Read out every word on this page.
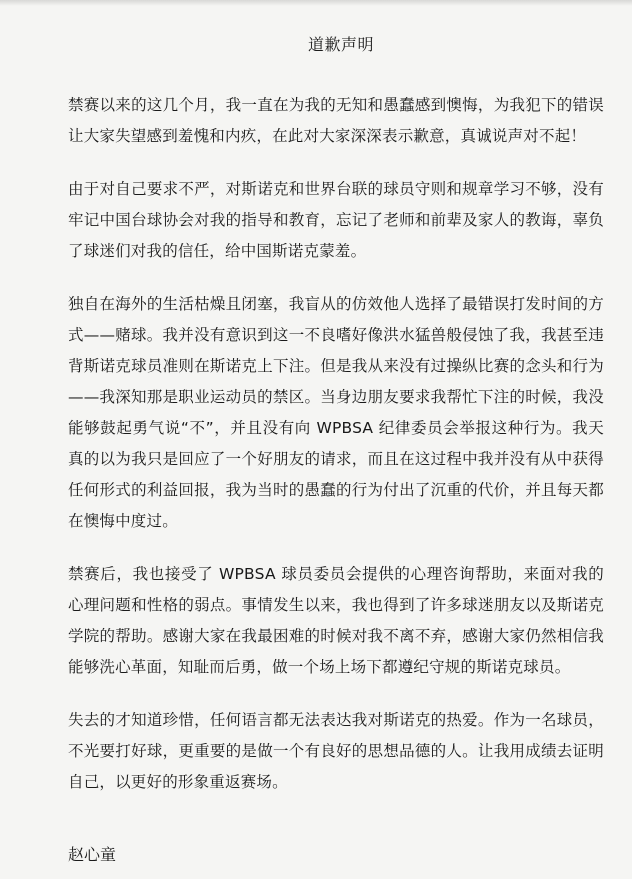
道歉声明

禁赛以来的这几个月，我一直在为我的无知和愚蠢感到懊悔，为我犯下的错误让大家失望感到羞愧和内疚，在此对大家深深表示歉意，真诚说声对不起！

由于对自己要求不严，对斯诺克和世界台联的球员守则和规章学习不够，没有牢记中国台球协会对我的指导和教育，忘记了老师和前辈及家人的教诲，辜负了球迷们对我的信任，给中国斯诺克蒙羞。

独自在海外的生活枯燥且闭塞，我盲从的仿效他人选择了最错误打发时间的方式——赌球。我并没有意识到这一不良嗜好像洪水猛兽般侵蚀了我，我甚至违背斯诺克球员准则在斯诺克上下注。但是我从来没有过操纵比赛的念头和行为——我深知那是职业运动员的禁区。当身边朋友要求我帮忙下注的时候，我没能够鼓起勇气说“不”，并且没有向 WPBSA 纪律委员会举报这种行为。我天真的以为我只是回应了一个好朋友的请求，而且在这过程中我并没有从中获得任何形式的利益回报，我为当时的愚蠢的行为付出了沉重的代价，并且每天都在懊悔中度过。

禁赛后，我也接受了 WPBSA 球员委员会提供的心理咨询帮助，来面对我的心理问题和性格的弱点。事情发生以来，我也得到了许多球迷朋友以及斯诺克学院的帮助。感谢大家在我最困难的时候对我不离不弃，感谢大家仍然相信我能够洗心革面，知耻而后勇，做一个场上场下都遵纪守规的斯诺克球员。

失去的才知道珍惜，任何语言都无法表达我对斯诺克的热爱。作为一名球员，不光要打好球，更重要的是做一个有良好的思想品德的人。让我用成绩去证明自己，以更好的形象重返赛场。

赵心童
